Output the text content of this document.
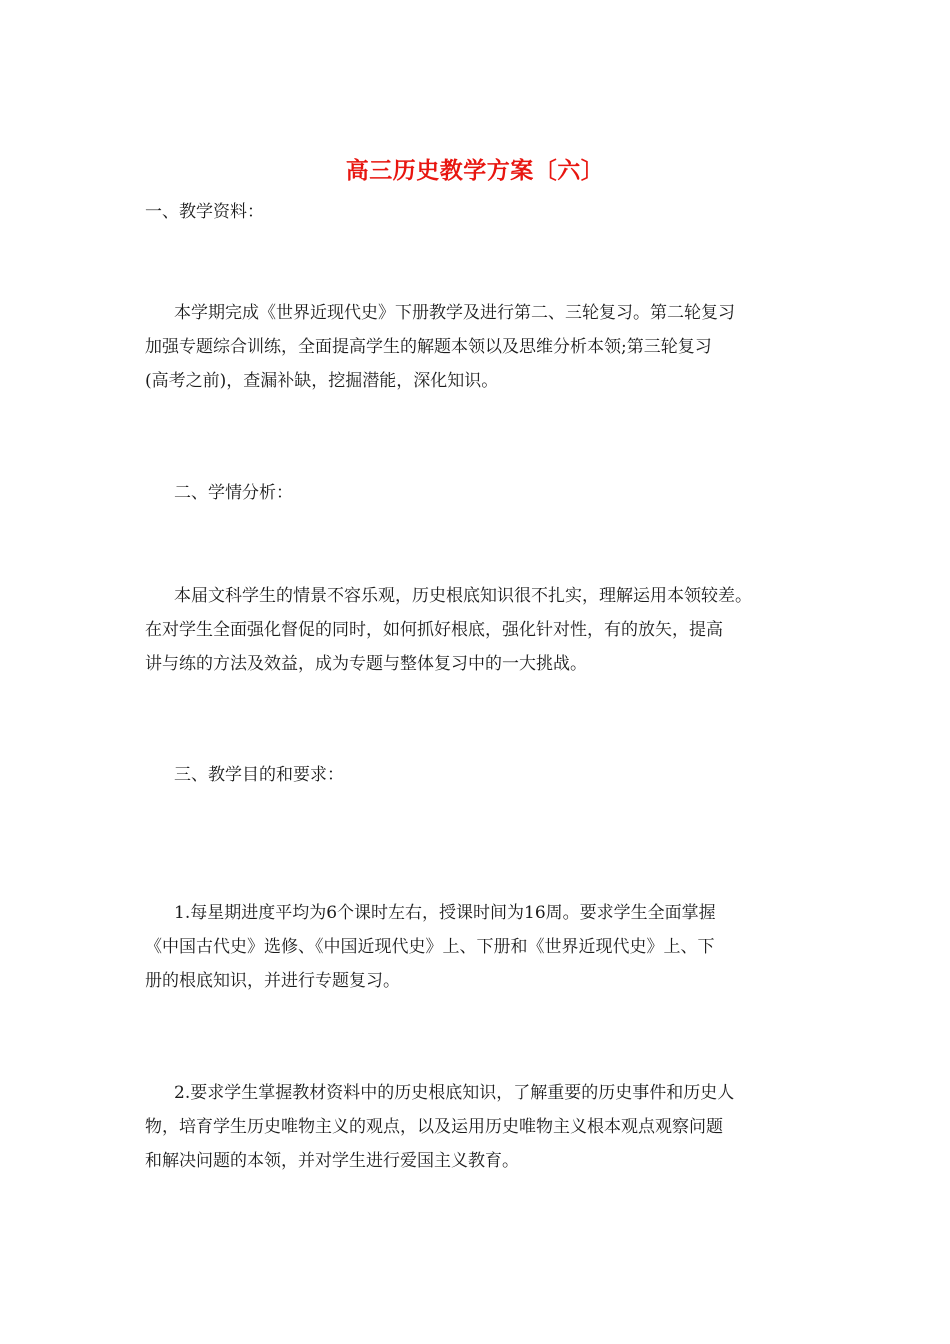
高三历史教学方案〔六〕

一、教学资料：

本学期完成《世界近现代史》下册教学及进行第二、三轮复习。第二轮复习
加强专题综合训练，全面提高学生的解题本领以及思维分析本领;第三轮复习
(高考之前)，查漏补缺，挖掘潜能，深化知识。

二、学情分析：

本届文科学生的情景不容乐观，历史根底知识很不扎实，理解运用本领较差。
在对学生全面强化督促的同时，如何抓好根底，强化针对性，有的放矢，提高
讲与练的方法及效益，成为专题与整体复习中的一大挑战。

三、教学目的和要求：

1.每星期进度平均为6个课时左右，授课时间为16周。要求学生全面掌握
《中国古代史》选修、《中国近现代史》上、下册和《世界近现代史》上、下
册的根底知识，并进行专题复习。
2.要求学生掌握教材资料中的历史根底知识，了解重要的历史事件和历史人
物，培育学生历史唯物主义的观点，以及运用历史唯物主义根本观点观察问题
和解决问题的本领，并对学生进行爱国主义教育。
